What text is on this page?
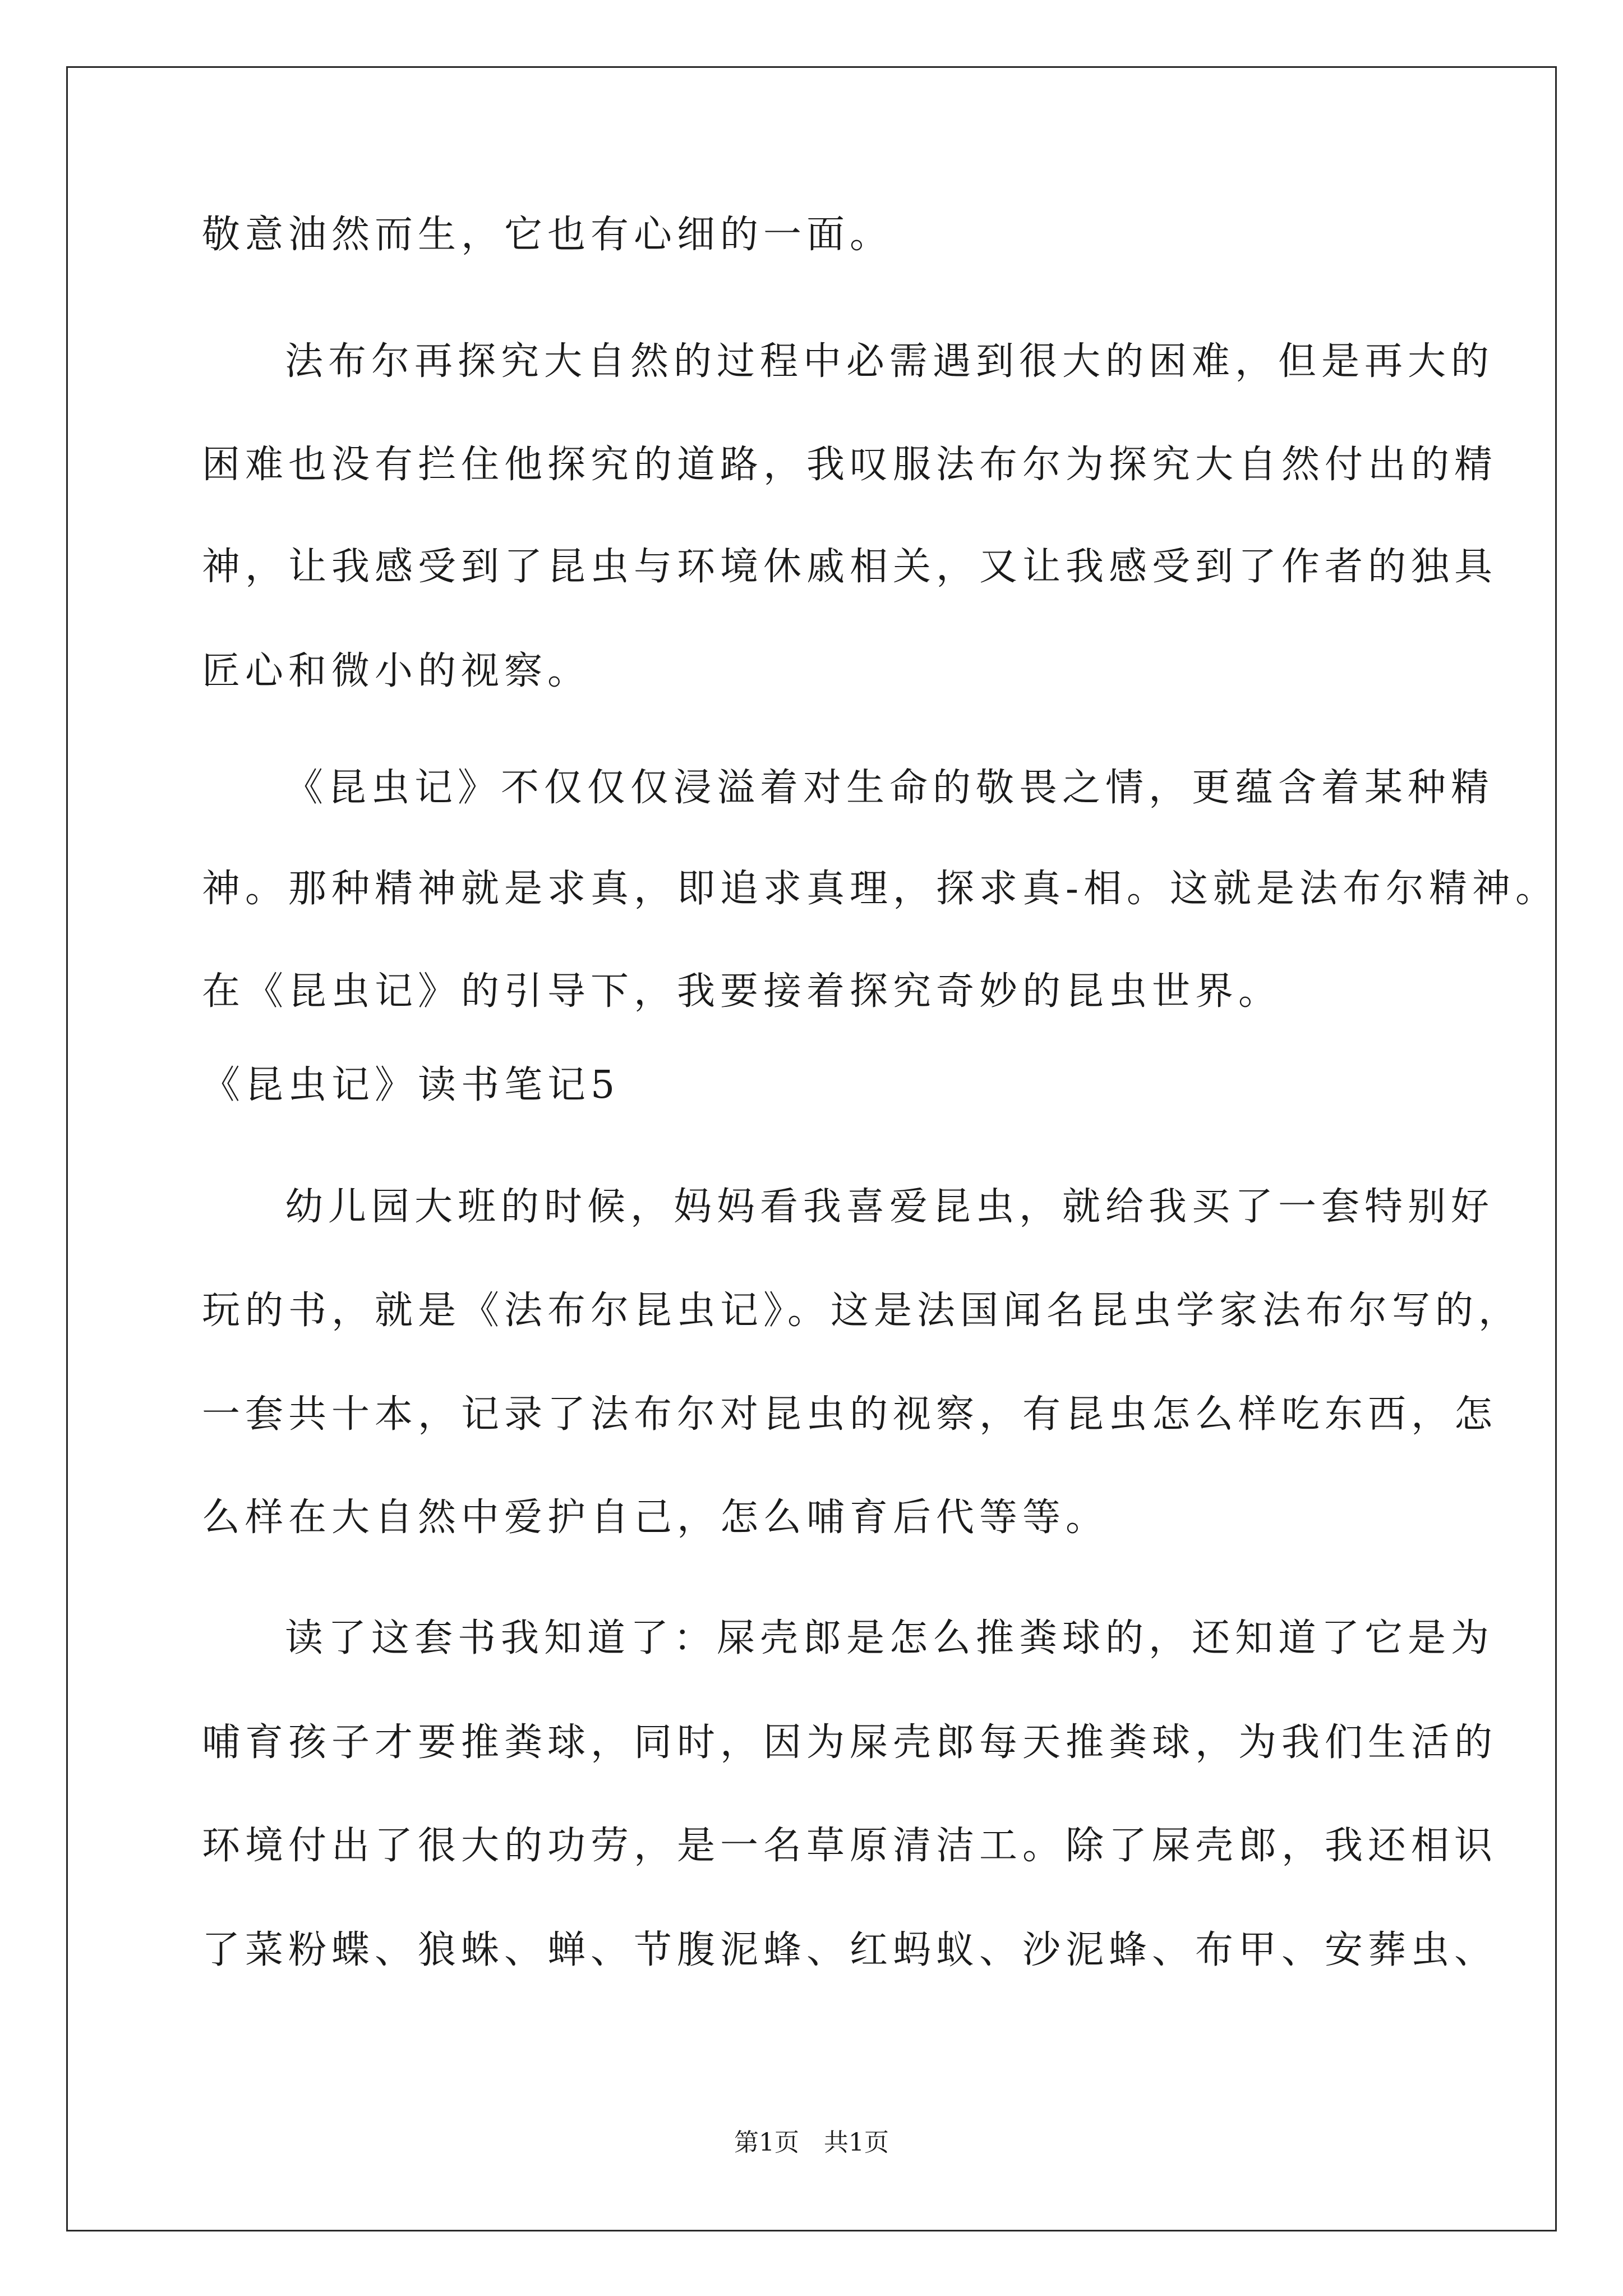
敬意油然而生，它也有心细的一面。
法布尔再探究大自然的过程中必需遇到很大的困难，但是再大的
困难也没有拦住他探究的道路，我叹服法布尔为探究大自然付出的精
神，让我感受到了昆虫与环境休戚相关，又让我感受到了作者的独具
匠心和微小的视察。
《昆虫记》不仅仅仅浸溢着对生命的敬畏之情，更蕴含着某种精
神。那种精神就是求真，即追求真理，探求真-相。这就是法布尔精神。
在《昆虫记》的引导下，我要接着探究奇妙的昆虫世界。
《昆虫记》读书笔记5
幼儿园大班的时候，妈妈看我喜爱昆虫，就给我买了一套特别好
玩的书，就是《法布尔昆虫记》。这是法国闻名昆虫学家法布尔写的，
一套共十本，记录了法布尔对昆虫的视察，有昆虫怎么样吃东西，怎
么样在大自然中爱护自己，怎么哺育后代等等。
读了这套书我知道了：屎壳郎是怎么推粪球的，还知道了它是为
哺育孩子才要推粪球，同时，因为屎壳郎每天推粪球，为我们生活的
环境付出了很大的功劳，是一名草原清洁工。除了屎壳郎，我还相识
了菜粉蝶、狼蛛、蝉、节腹泥蜂、红蚂蚁、沙泥蜂、布甲、安葬虫、
第1页　共1页
